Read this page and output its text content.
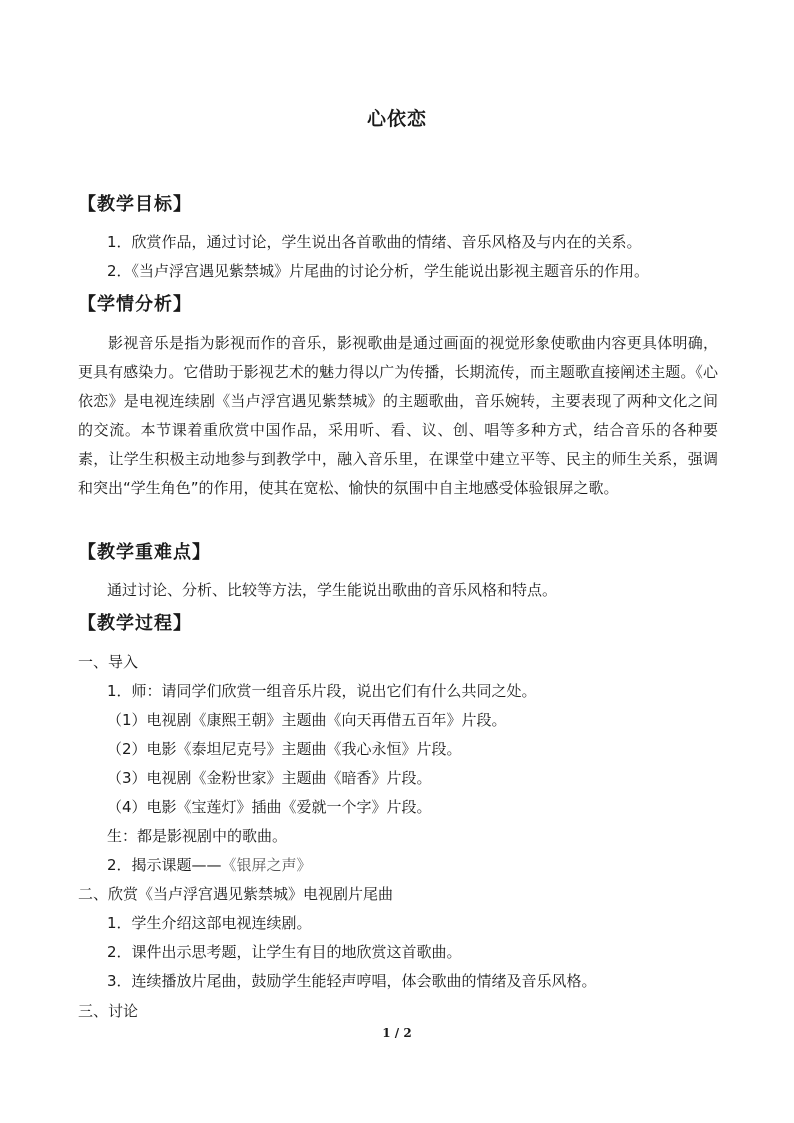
心依恋
【教学目标】
1．欣赏作品，通过讨论，学生说出各首歌曲的情绪、音乐风格及与内在的关系。
2．《当卢浮宫遇见紫禁城》片尾曲的讨论分析，学生能说出影视主题音乐的作用。
【学情分析】
影视音乐是指为影视而作的音乐，影视歌曲是通过画面的视觉形象使歌曲内容更具体明确，更具有感染力。它借助于影视艺术的魅力得以广为传播，长期流传，而主题歌直接阐述主题。《心依恋》是电视连续剧《当卢浮宫遇见紫禁城》的主题歌曲，音乐婉转，主要表现了两种文化之间的交流。本节课着重欣赏中国作品，采用听、看、议、创、唱等多种方式，结合音乐的各种要素，让学生积极主动地参与到教学中，融入音乐里，在课堂中建立平等、民主的师生关系，强调和突出“学生角色”的作用，使其在宽松、愉快的氛围中自主地感受体验银屏之歌。
【教学重难点】
通过讨论、分析、比较等方法，学生能说出歌曲的音乐风格和特点。
【教学过程】
一、导入
1．师：请同学们欣赏一组音乐片段，说出它们有什么共同之处。
（1）电视剧《康熙王朝》主题曲《向天再借五百年》片段。
（2）电影《泰坦尼克号》主题曲《我心永恒》片段。
（3）电视剧《金粉世家》主题曲《暗香》片段。
（4）电影《宝莲灯》插曲《爱就一个字》片段。
生：都是影视剧中的歌曲。
2．揭示课题——《银屏之声》
二、欣赏《当卢浮宫遇见紫禁城》电视剧片尾曲
1．学生介绍这部电视连续剧。
2．课件出示思考题，让学生有目的地欣赏这首歌曲。
3．连续播放片尾曲，鼓励学生能轻声哼唱，体会歌曲的情绪及音乐风格。
三、讨论
1 / 2
